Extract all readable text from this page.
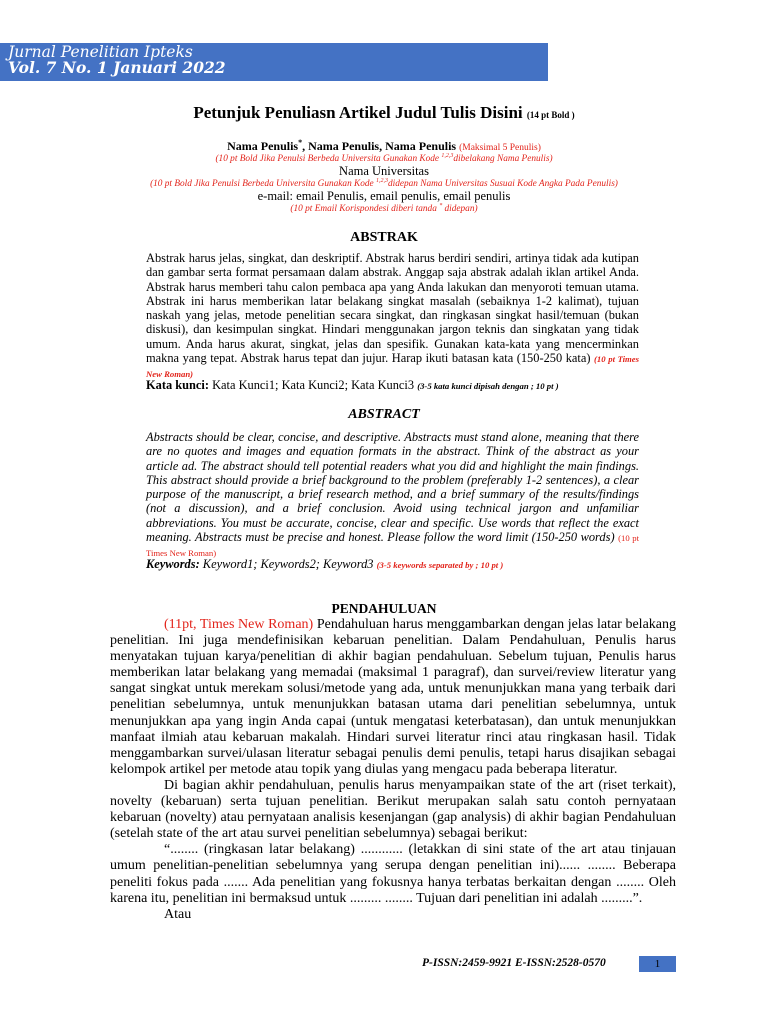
Jurnal Penelitian Ipteks
Vol. 7 No. 1 Januari 2022
Petunjuk Penuliasn Artikel Judul Tulis Disini (14 pt Bold )
Nama Penulis*, Nama Penulis, Nama Penulis (Maksimal 5 Penulis)
(10 pt Bold Jika Penulsi Berbeda Universita Gunakan Kode $^{1,2,3}$dibelakang Nama Penulis)
Nama Universitas
(10 pt Bold Jika Penulsi Berbeda Universita Gunakan Kode $^{1,2,3}$didepan Nama Universitas Susuai Kode Angka Pada Penulis)
e-mail: email Penulis, email penulis, email penulis
(10 pt Email Korispondesi diberi tanda * didepan)
ABSTRAK
Abstrak harus jelas, singkat, dan deskriptif. Abstrak harus berdiri sendiri, artinya tidak ada kutipan dan gambar serta format persamaan dalam abstrak. Anggap saja abstrak adalah iklan artikel Anda. Abstrak harus memberi tahu calon pembaca apa yang Anda lakukan dan menyoroti temuan utama. Abstrak ini harus memberikan latar belakang singkat masalah (sebaiknya 1-2 kalimat), tujuan naskah yang jelas, metode penelitian secara singkat, dan ringkasan singkat hasil/temuan (bukan diskusi), dan kesimpulan singkat. Hindari menggunakan jargon teknis dan singkatan yang tidak umum. Anda harus akurat, singkat, jelas dan spesifik. Gunakan kata-kata yang mencerminkan makna yang tepat. Abstrak harus tepat dan jujur. Harap ikuti batasan kata (150-250 kata) (10 pt Times New Roman)
Kata kunci: Kata Kunci1; Kata Kunci2; Kata Kunci3 (3-5 kata kunci dipisah dengan ; 10 pt )
ABSTRACT
Abstracts should be clear, concise, and descriptive. Abstracts must stand alone, meaning that there are no quotes and images and equation formats in the abstract. Think of the abstract as your article ad. The abstract should tell potential readers what you did and highlight the main findings. This abstract should provide a brief background to the problem (preferably 1-2 sentences), a clear purpose of the manuscript, a brief research method, and a brief summary of the results/findings (not a discussion), and a brief conclusion. Avoid using technical jargon and unfamiliar abbreviations. You must be accurate, concise, clear and specific. Use words that reflect the exact meaning. Abstracts must be precise and honest. Please follow the word limit (150-250 words) (10 pt Times New Roman)
Keywords: Keyword1; Keywords2; Keyword3 (3-5 keywords separated by ; 10 pt )
PENDAHULUAN

(11pt, Times New Roman) Pendahuluan harus menggambarkan dengan jelas latar belakang penelitian. Ini juga mendefinisikan kebaruan penelitian. Dalam Pendahuluan, Penulis harus menyatakan tujuan karya/penelitian di akhir bagian pendahuluan. Sebelum tujuan, Penulis harus memberikan latar belakang yang memadai (maksimal 1 paragraf), dan survei/review literatur yang sangat singkat untuk merekam solusi/metode yang ada, untuk menunjukkan mana yang terbaik dari penelitian sebelumnya, untuk menunjukkan batasan utama dari penelitian sebelumnya, untuk menunjukkan apa yang ingin Anda capai (untuk mengatasi keterbatasan), dan untuk menunjukkan manfaat ilmiah atau kebaruan makalah. Hindari survei literatur rinci atau ringkasan hasil. Tidak menggambarkan survei/ulasan literatur sebagai penulis demi penulis, tetapi harus disajikan sebagai kelompok artikel per metode atau topik yang diulas yang mengacu pada beberapa literatur.

Di bagian akhir pendahuluan, penulis harus menyampaikan state of the art (riset terkait), novelty (kebaruan) serta tujuan penelitian. Berikut merupakan salah satu contoh pernyataan kebaruan (novelty) atau pernyataan analisis kesenjangan (gap analysis) di akhir bagian Pendahuluan (setelah state of the art atau survei penelitian sebelumnya) sebagai berikut:

“........ (ringkasan latar belakang) ............ (letakkan di sini state of the art atau tinjauan umum penelitian-penelitian sebelumnya yang serupa dengan penelitian ini)...... ........ Beberapa peneliti fokus pada ....... Ada penelitian yang fokusnya hanya terbatas berkaitan dengan ........ Oleh karena itu, penelitian ini bermaksud untuk ......... ........ Tujuan dari penelitian ini adalah .........”.

Atau

P-ISSN:2459-9921 E-ISSN:2528-0570	1
